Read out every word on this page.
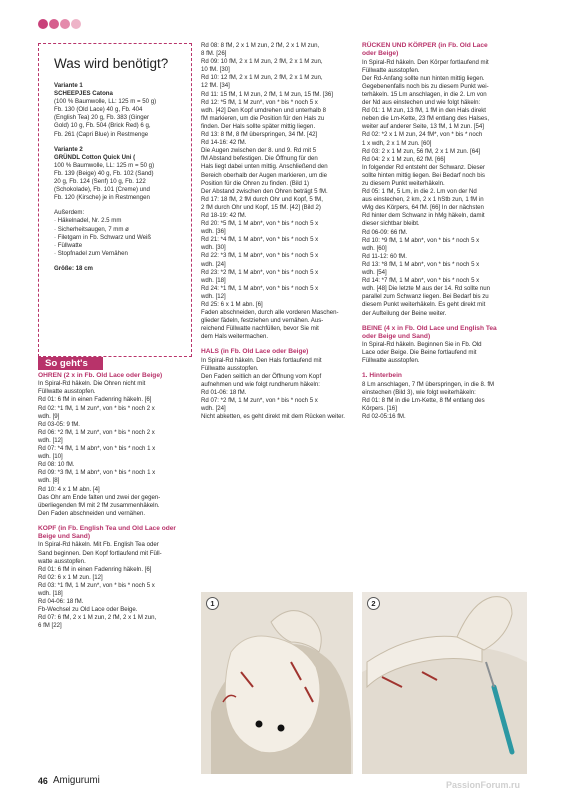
Was wird benötigt?

Variante 1

SCHEEPJES Catona

(100 % Baumwolle, LL: 125 m = 50 g)

Fb. 130 (Old Lace) 40 g, Fb. 404

(English Tea) 20 g, Fb. 383 (Ginger

Gold) 10 g, Fb. 504 (Brick Red) 6 g,

Fb. 261 (Capri Blue) in Restmenge

Variante 2

GRÜNDL Cotton Quick Uni (

100 % Baumwolle, LL: 125 m = 50 g)

Fb. 139 (Beige) 40 g, Fb. 102 (Sand)

20 g, Fb. 124 (Senf) 10 g, Fb. 122

(Schokolade), Fb. 101 (Creme) und

Fb. 120 (Kirsche) je in Restmengen

Außerdem:

· Häkelnadel, Nr. 2.5 mm

· Sicherheitsaugen, 7 mm ø

· Filetgarn in Fb. Schwarz und Weiß

· Füllwatte

· Stopfnadel zum Vernähen

Größe: 18 cm

So geht's

OHREN (2 x in Fb. Old Lace oder Beige)

In Spiral-Rd häkeln. Die Ohren nicht mit

Füllwatte ausstopfen.

Rd 01: 6 fM in einen Fadenring häkeln. [6]

Rd 02: *1 fM, 1 M zun*, von * bis * noch 2 x

wdh. [9]

Rd 03-05: 9 fM.

Rd 06: *2 fM, 1 M zun*, von * bis * noch 2 x

wdh. [12]

Rd 07: *4 fM, 1 M abn*, von * bis * noch 1 x

wdh. [10]

Rd 08: 10 fM.

Rd 09: *3 fM, 1 M abn*, von * bis * noch 1 x

wdh. [8]

Rd 10: 4 x 1 M abn. [4]

Das Ohr am Ende falten und zwei der gegen-

überliegenden fM mit 2 fM zusammenhäkeln.

Den Faden abschneiden und vernähen.

KOPF (in Fb. English Tea und Old Lace oder

Beige und Sand)

In Spiral-Rd häkeln. Mit Fb. English Tea oder

Sand beginnen. Den Kopf fortlaufend mit Füll-

watte ausstopfen.

Rd 01: 6 fM in einen Fadenring häkeln. [6]

Rd 02: 6 x 1 M zun. [12]

Rd 03: *1 fM, 1 M zun*, von * bis * noch 5 x

wdh. [18]

Rd 04-06: 18 fM.

Fb-Wechsel zu Old Lace oder Beige.

Rd 07: 6 fM, 2 x 1 M zun, 2 fM, 2 x 1 M zun,

6 fM [22]

Rd 08: 8 fM, 2 x 1 M zun, 2 fM, 2 x 1 M zun,

8 fM. [26]

Rd 09: 10 fM, 2 x 1 M zun, 2 fM, 2 x 1 M zun,

10 fM. [30]

Rd 10: 12 fM, 2 x 1 M zun, 2 fM, 2 x 1 M zun,

12 fM. [34]

Rd 11: 15 fM, 1 M zun, 2 fM, 1 M zun, 15 fM. [36]

Rd 12: *5 fM, 1 M zun*, von * bis * noch 5 x

wdh. [42] Den Kopf umdrehen und unterhalb 8

fM markieren, um die Position für den Hals zu

finden. Der Hals sollte später mittig liegen.

Rd 13: 8 fM, 8 fM überspringen, 34 fM. [42]

Rd 14-16: 42 fM.

Die Augen zwischen der 8. und 9. Rd mit 5

fM Abstand befestigen. Die Öffnung für den

Hals liegt dabei unten mittig. Anschließend den

Bereich oberhalb der Augen markieren, um die

Position für die Ohren zu finden. (Bild 1)

Der Abstand zwischen den Ohren beträgt 5 fM.

Rd 17: 18 fM, 2 fM durch Ohr und Kopf, 5 fM,

2 fM durch Ohr und Kopf, 15 fM. [42] (Bild 2)

Rd 18-19: 42 fM.

Rd 20: *5 fM, 1 M abn*, von * bis * noch 5 x

wdh. [36]

Rd 21: *4 fM, 1 M abn*, von * bis * noch 5 x

wdh. [30]

Rd 22: *3 fM, 1 M abn*, von * bis * noch 5 x

wdh. [24]

Rd 23: *2 fM, 1 M abn*, von * bis * noch 5 x

wdh. [18]

Rd 24: *1 fM, 1 M abn*, von * bis * noch 5 x

wdh. [12]

Rd 25: 6 x 1 M abn. [6]

Faden abschneiden, durch alle vorderen Maschen-

glieder fädeln, festziehen und vernähen. Aus-

reichend Füllwatte nachfüllen, bevor Sie mit

dem Hals weitermachen.

HALS (in Fb. Old Lace oder Beige)

In Spiral-Rd häkeln. Den Hals fortlaufend mit

Füllwatte ausstopfen.

Den Faden seitlich an der Öffnung vom Kopf

aufnehmen und wie folgt rundherum häkeln:

Rd 01-06: 18 fM.

Rd 07: *2 fM, 1 M zun*, von * bis * noch 5 x

wdh. [24]

Nicht abketten, es geht direkt mit dem Rücken weiter.

RÜCKEN UND KÖRPER (in Fb. Old Lace

oder Beige)

In Spiral-Rd häkeln. Den Körper fortlaufend mit

Füllwatte ausstopfen.

Der Rd-Anfang sollte nun hinten mittig liegen.

Gegebenenfalls noch bis zu diesem Punkt wei-

terhäkeln. 15 Lm anschlagen, in die 2. Lm von

der Nd aus einstechen und wie folgt häkeln:

Rd 01: 1 M zun, 13 fM, 1 fM in den Hals direkt

neben die Lm-Kette, 23 fM entlang des Halses,

weiter auf anderer Seite, 13 fM, 1 M zun. [54]

Rd 02: *2 x 1 M zun, 24 fM*, von * bis * noch

1 x wdh, 2 x 1 M zun. [60]

Rd 03: 2 x 1 M zun, 56 fM, 2 x 1 M zun. [64]

Rd 04: 2 x 1 M zun, 62 fM. [66]

In folgender Rd entsteht der Schwanz. Dieser

sollte hinten mittig liegen. Bei Bedarf noch bis

zu diesem Punkt weiterhäkeln.

Rd 05: 1 fM, 5 Lm, in die 2. Lm von der Nd

aus einstechen, 2 km, 2 x 1 hStb zun, 1 fM in

vMg des Körpers, 64 fM. [66] In der nächsten

Rd hinter dem Schwanz in hMg häkeln, damit

dieser sichtbar bleibt.

Rd 06-09: 66 fM.

Rd 10: *9 fM, 1 M abn*, von * bis * noch 5 x

wdh. [60]

Rd 11-12: 60 fM.

Rd 13: *8 fM, 1 M abn*, von * bis * noch 5 x

wdh. [54]

Rd 14: *7 fM, 1 M abn*, von * bis * noch 5 x

wdh. [48] Die letzte M aus der 14. Rd sollte nun

parallel zum Schwanz liegen. Bei Bedarf bis zu

diesem Punkt weiterhäkeln. Es geht direkt mit

der Aufteilung der Beine weiter.

BEINE (4 x in Fb. Old Lace und English Tea

oder Beige und Sand)

In Spiral-Rd häkeln. Beginnen Sie in Fb. Old

Lace oder Beige. Die Beine fortlaufend mit

Füllwatte ausstopfen.

1. Hinterbein

8 Lm anschlagen, 7 fM überspringen, in die 8. fM

einstechen (Bild 3), wie folgt weiterhäkeln:

Rd 01: 8 fM in die Lm-Kette, 8 fM entlang des

Körpers. [16]

Rd 02-05:16 fM.

1	2
46 Amigurumi	PassionForum.ru
